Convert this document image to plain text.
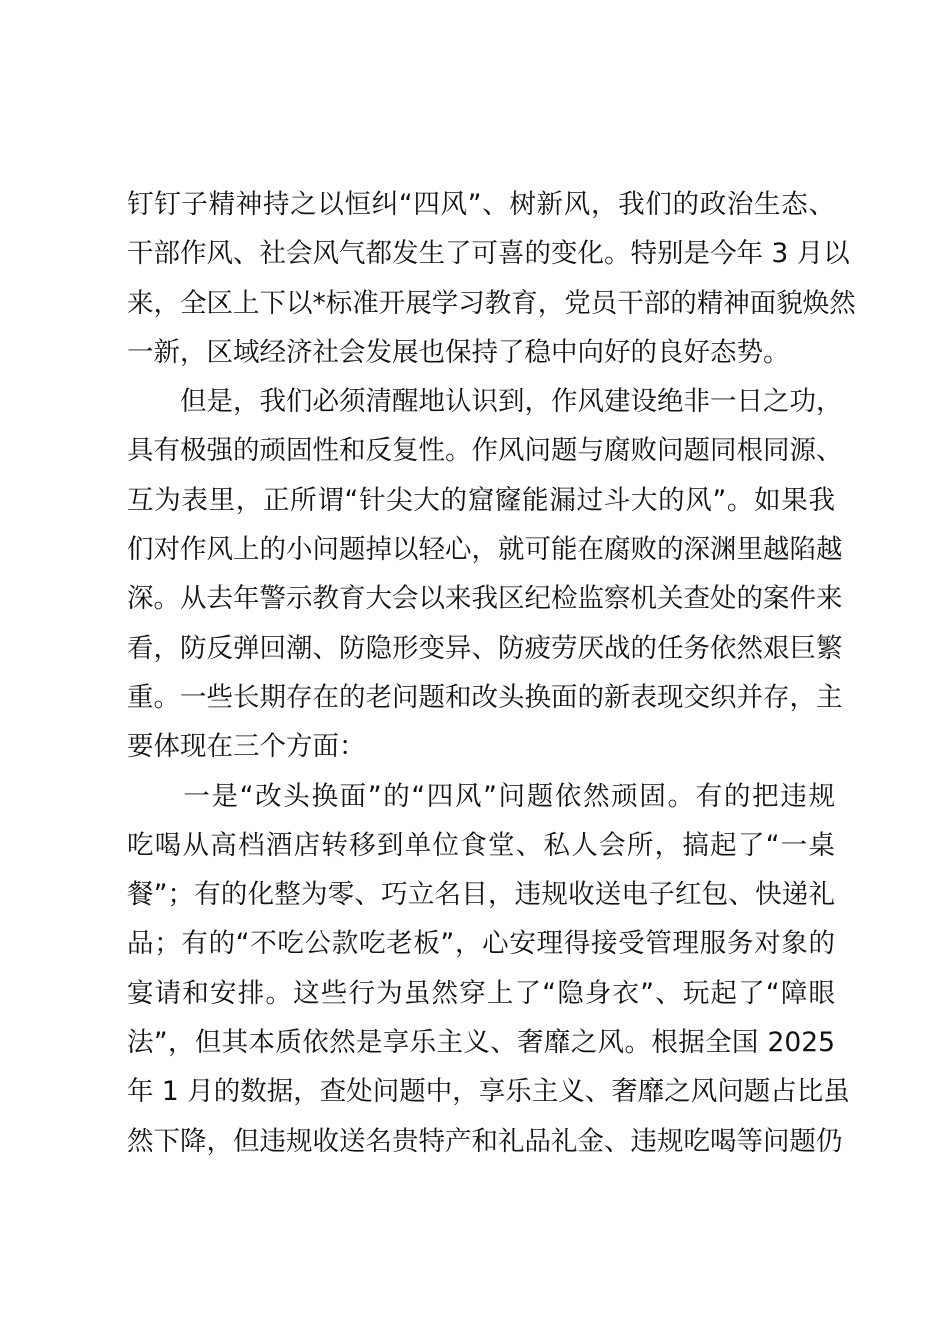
钉钉子精神持之以恒纠“四风”、树新风，我们的政治生态、
干部作风、社会风气都发生了可喜的变化。特别是今年 3 月以
来，全区上下以*标准开展学习教育，党员干部的精神面貌焕然
一新，区域经济社会发展也保持了稳中向好的良好态势。
　　但是，我们必须清醒地认识到，作风建设绝非一日之功，
具有极强的顽固性和反复性。作风问题与腐败问题同根同源、
互为表里，正所谓“针尖大的窟窿能漏过斗大的风”。如果我
们对作风上的小问题掉以轻心，就可能在腐败的深渊里越陷越
深。从去年警示教育大会以来我区纪检监察机关查处的案件来
看，防反弹回潮、防隐形变异、防疲劳厌战的任务依然艰巨繁
重。一些长期存在的老问题和改头换面的新表现交织并存，主
要体现在三个方面：
　　一是“改头换面”的“四风”问题依然顽固。有的把违规
吃喝从高档酒店转移到单位食堂、私人会所，搞起了“一桌
餐”；有的化整为零、巧立名目，违规收送电子红包、快递礼
品；有的“不吃公款吃老板”，心安理得接受管理服务对象的
宴请和安排。这些行为虽然穿上了“隐身衣”、玩起了“障眼
法”，但其本质依然是享乐主义、奢靡之风。根据全国 2025
年 1 月的数据，查处问题中，享乐主义、奢靡之风问题占比虽
然下降，但违规收送名贵特产和礼品礼金、违规吃喝等问题仍
